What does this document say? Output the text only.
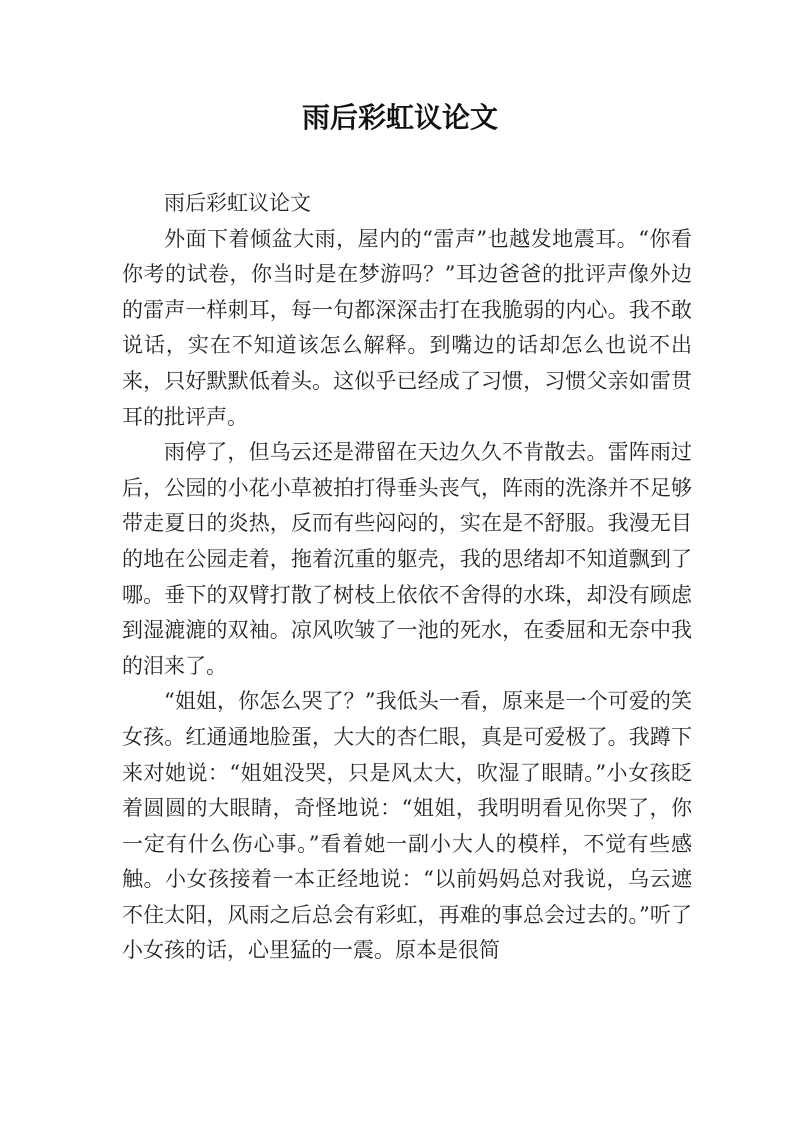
雨后彩虹议论文

雨后彩虹议论文

外面下着倾盆大雨，屋内的“雷声”也越发地震耳。“你看你考的试卷，你当时是在梦游吗？”耳边爸爸的批评声像外边的雷声一样刺耳，每一句都深深击打在我脆弱的内心。我不敢说话，实在不知道该怎么解释。到嘴边的话却怎么也说不出来，只好默默低着头。这似乎已经成了习惯，习惯父亲如雷贯耳的批评声。

雨停了，但乌云还是滞留在天边久久不肯散去。雷阵雨过后，公园的小花小草被拍打得垂头丧气，阵雨的洗涤并不足够带走夏日的炎热，反而有些闷闷的，实在是不舒服。我漫无目的地在公园走着，拖着沉重的躯壳，我的思绪却不知道飘到了哪。垂下的双臂打散了树枝上依依不舍得的水珠，却没有顾虑到湿漉漉的双袖。凉风吹皱了一池的死水，在委屈和无奈中我的泪来了。

“姐姐，你怎么哭了？”我低头一看，原来是一个可爱的笑女孩。红通通地脸蛋，大大的杏仁眼，真是可爱极了。我蹲下来对她说：“姐姐没哭，只是风太大，吹湿了眼睛。”小女孩眨着圆圆的大眼睛，奇怪地说：“姐姐，我明明看见你哭了，你一定有什么伤心事。”看着她一副小大人的模样，不觉有些感触。小女孩接着一本正经地说：“以前妈妈总对我说，乌云遮不住太阳，风雨之后总会有彩虹，再难的事总会过去的。”听了小女孩的话，心里猛的一震。原本是很简
